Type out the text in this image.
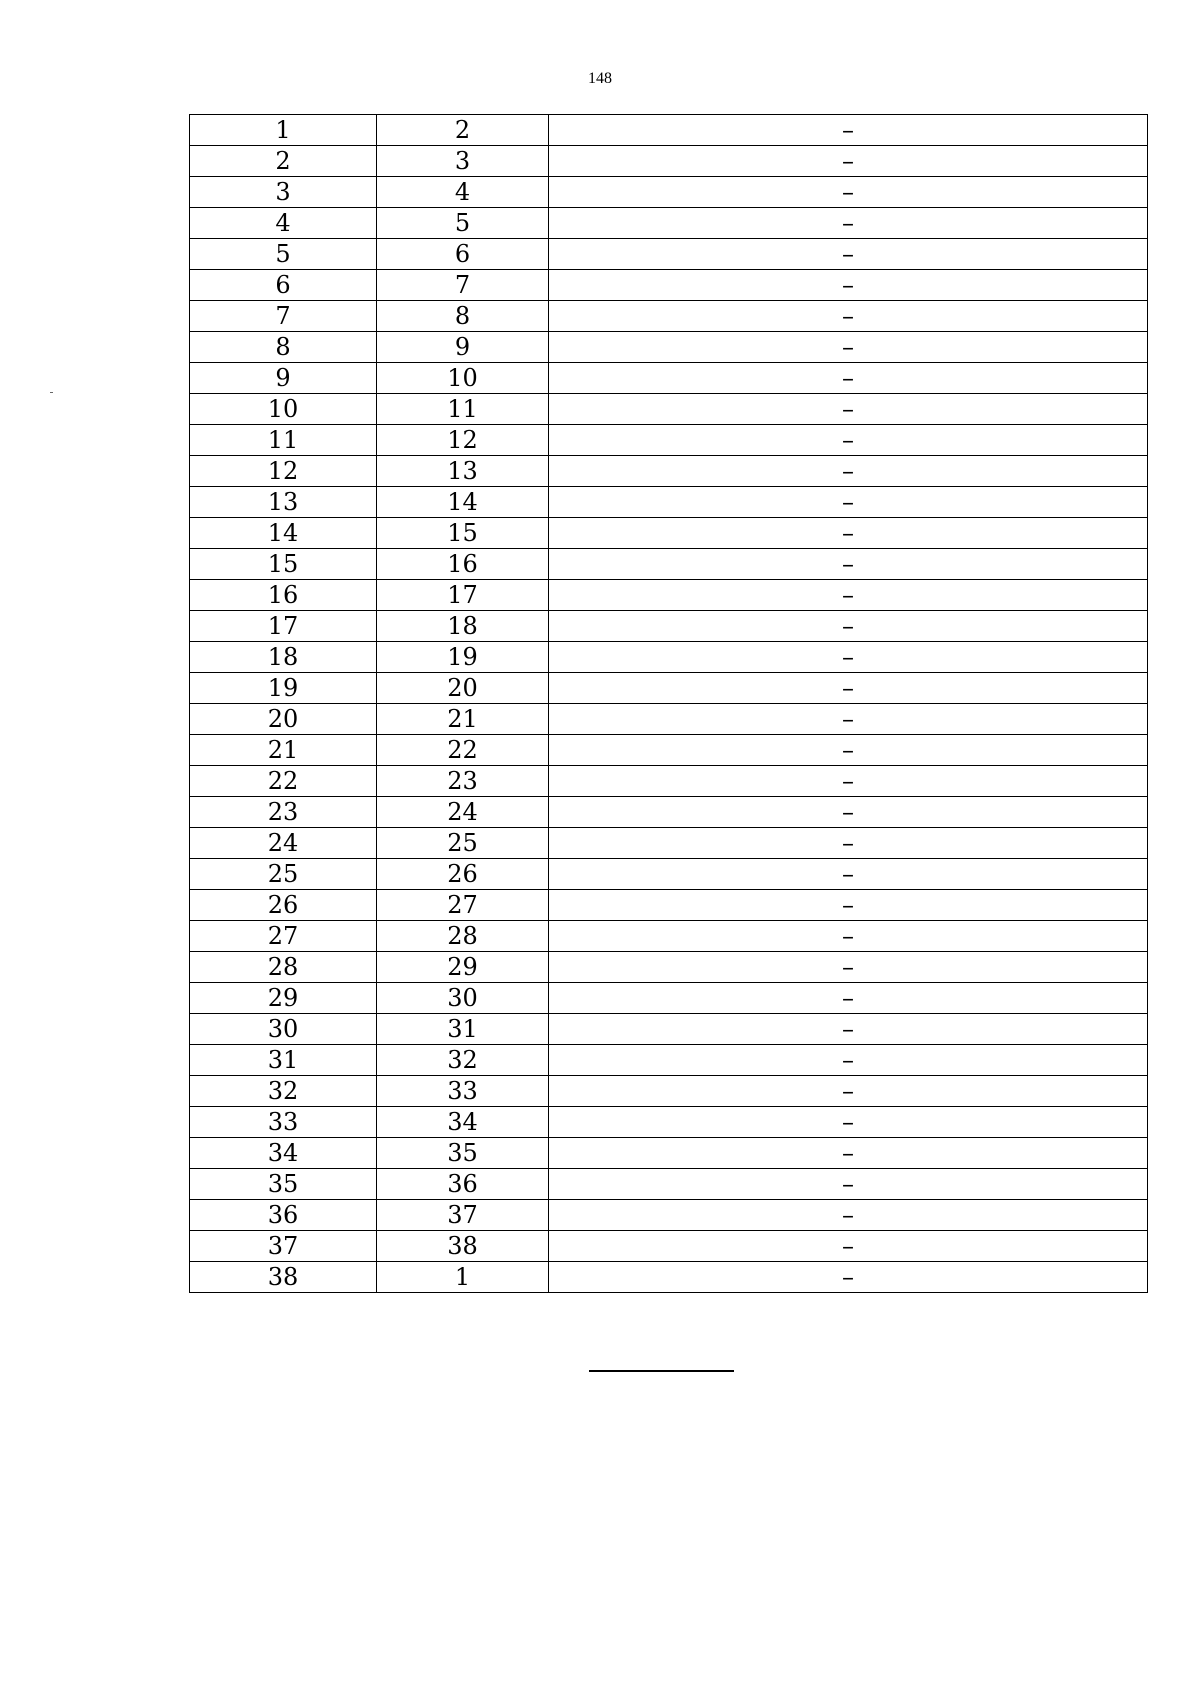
148
1	2	–
2	3	–
3	4	–
4	5	–
5	6	–
6	7	–
7	8	–
8	9	–
9	10	–
10	11	–
11	12	–
12	13	–
13	14	–
14	15	–
15	16	–
16	17	–
17	18	–
18	19	–
19	20	–
20	21	–
21	22	–
22	23	–
23	24	–
24	25	–
25	26	–
26	27	–
27	28	–
28	29	–
29	30	–
30	31	–
31	32	–
32	33	–
33	34	–
34	35	–
35	36	–
36	37	–
37	38	–
38	1	–
